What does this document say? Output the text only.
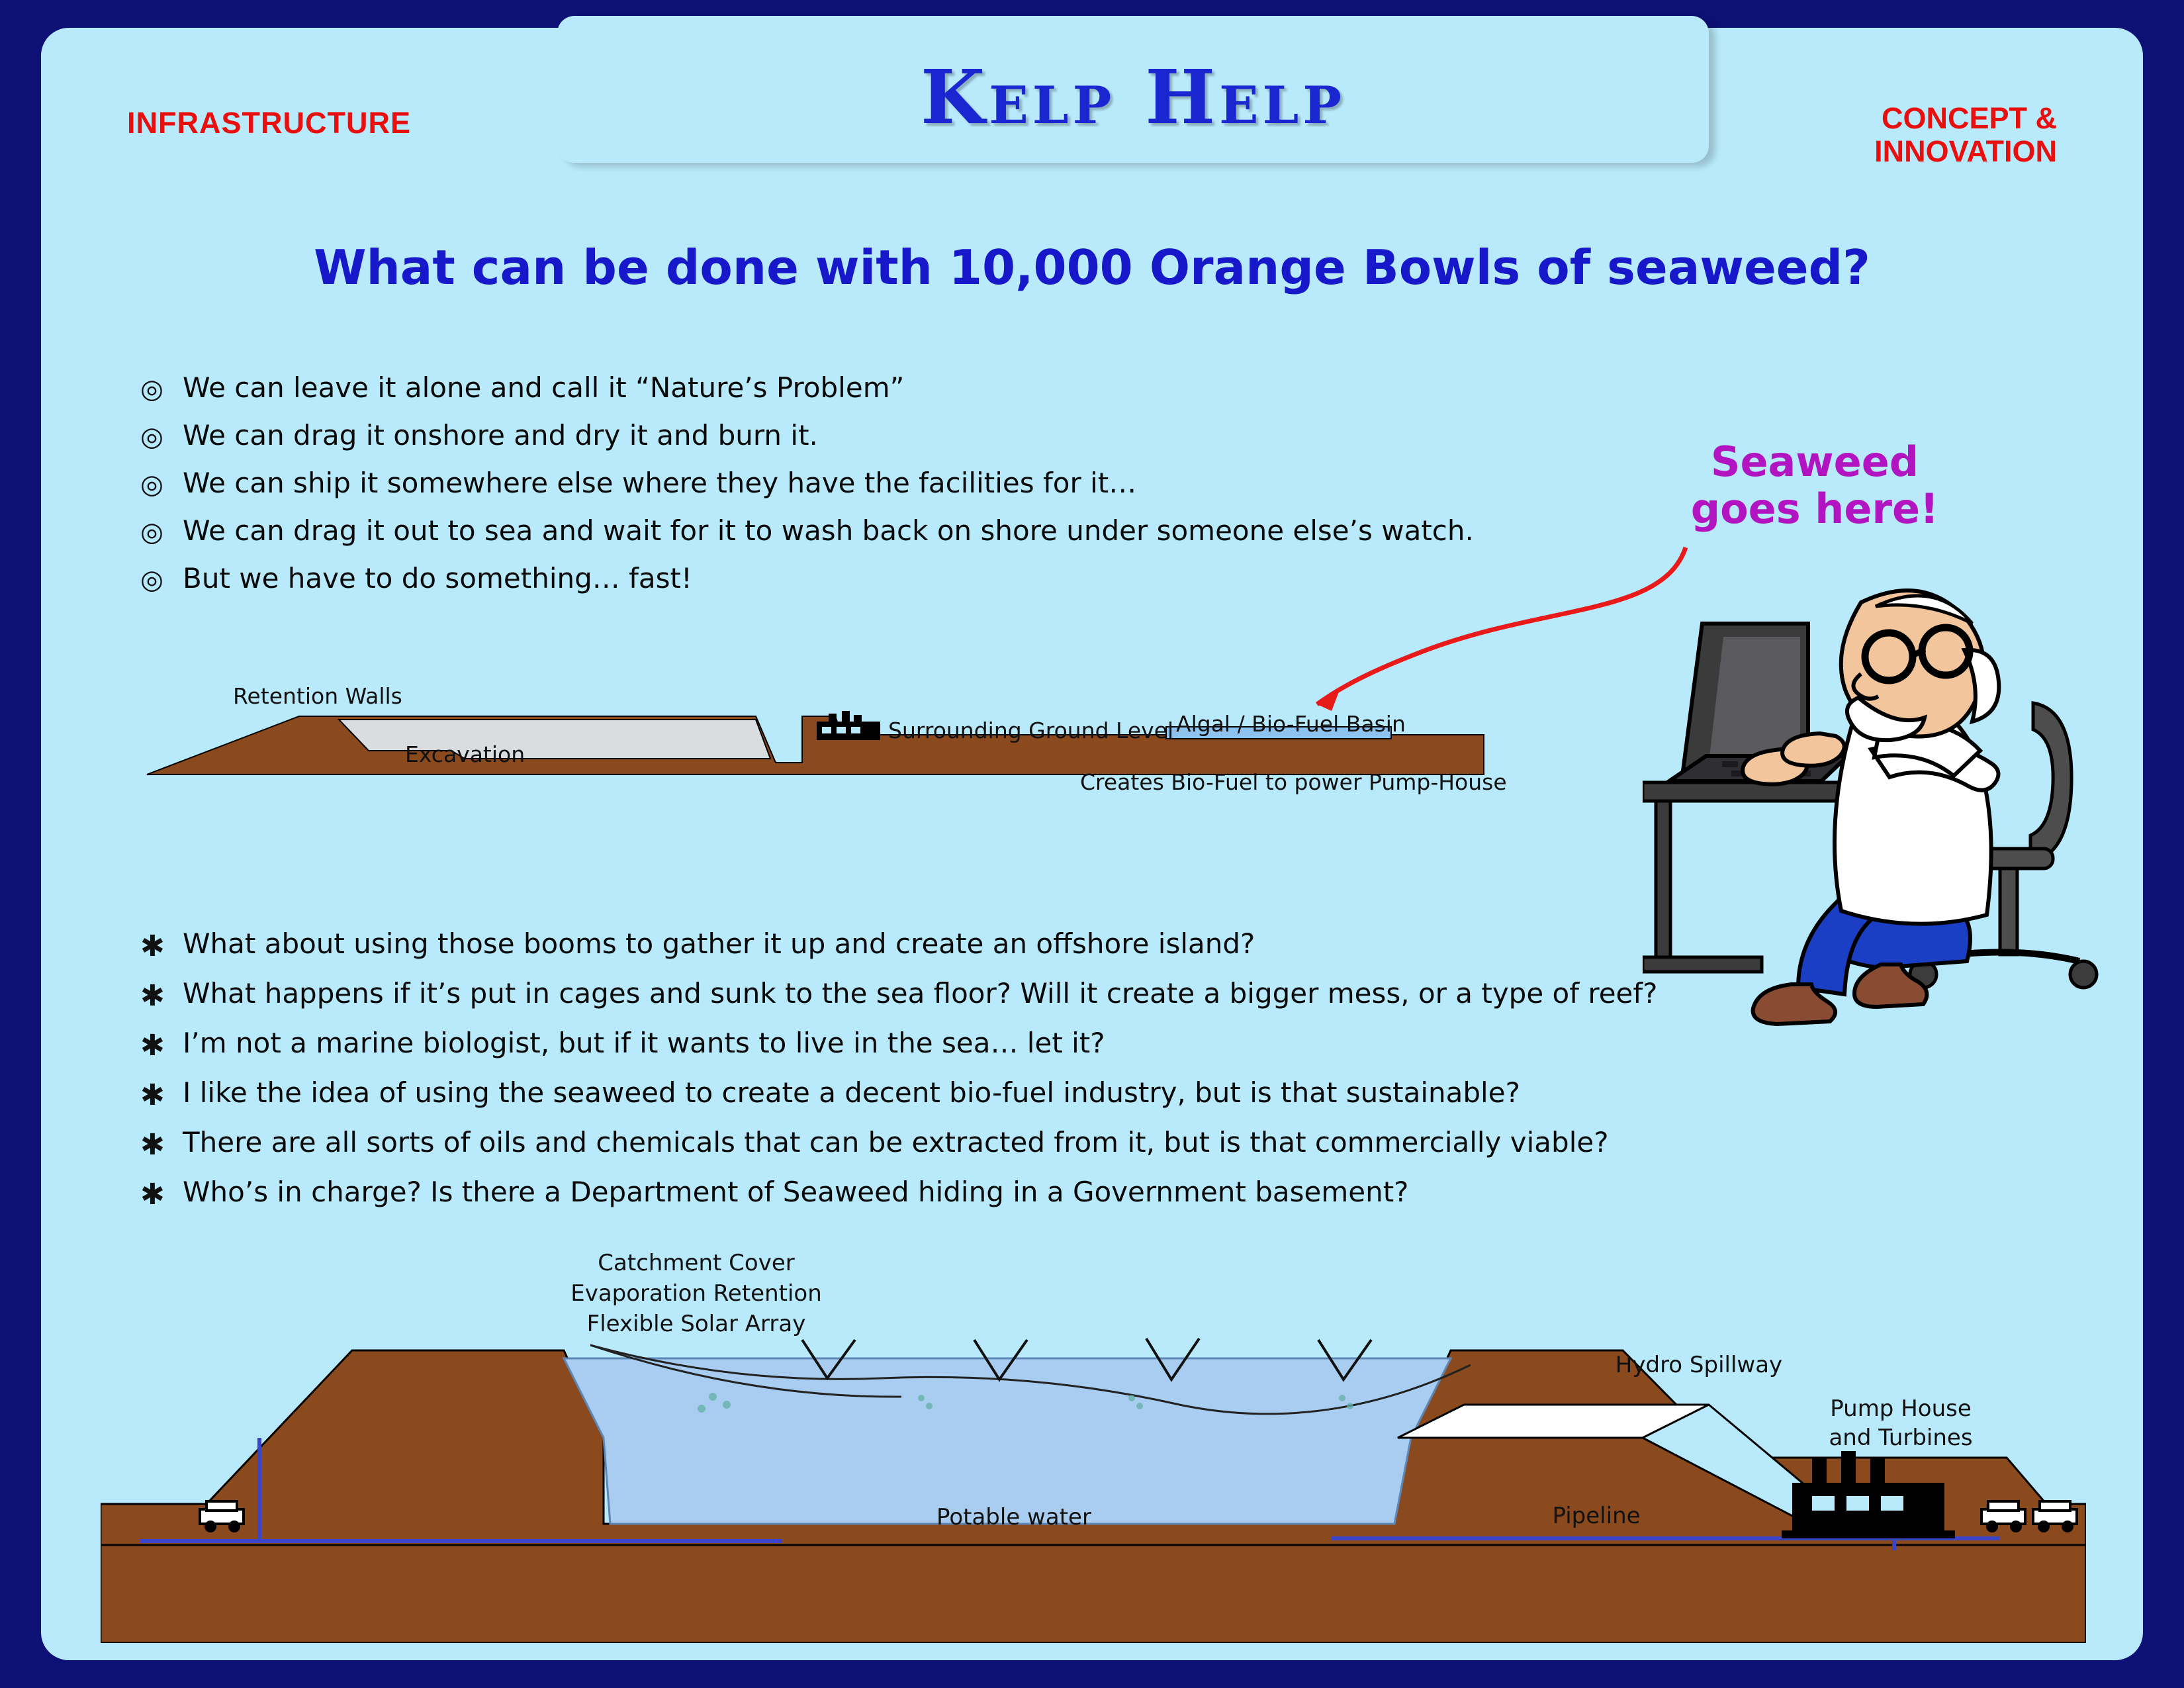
Kelp Help
INFRASTRUCTURE	CONCEPT &
INNOVATION
What can be done with 10,000 Orange Bowls of seaweed?
◎ We can leave it alone and call it “Nature’s Problem”
◎ We can drag it onshore and dry it and burn it.
◎ We can ship it somewhere else where they have the facilities for it…
◎ We can drag it out to sea and wait for it to wash back on shore under someone else’s watch.
◎ But we have to do something… fast!
Seaweed
goes here!
Retention Walls
Excavation
Surrounding Ground Level Algal / Bio-Fuel Basin
Creates Bio-Fuel to power Pump-House
✱ What about using those booms to gather it up and create an offshore island?
✱ What happens if it’s put in cages and sunk to the sea floor? Will it create a bigger mess, or a type of reef?
✱ I’m not a marine biologist, but if it wants to live in the sea… let it?
✱ I like the idea of using the seaweed to create a decent bio-fuel industry, but is that sustainable?
✱ There are all sorts of oils and chemicals that can be extracted from it, but is that commercially viable?
✱ Who’s in charge? Is there a Department of Seaweed hiding in a Government basement?
Catchment Cover
Evaporation Retention
Flexible Solar Array
Potable water	Pipeline
Hydro Spillway
Pump House
and Turbines
